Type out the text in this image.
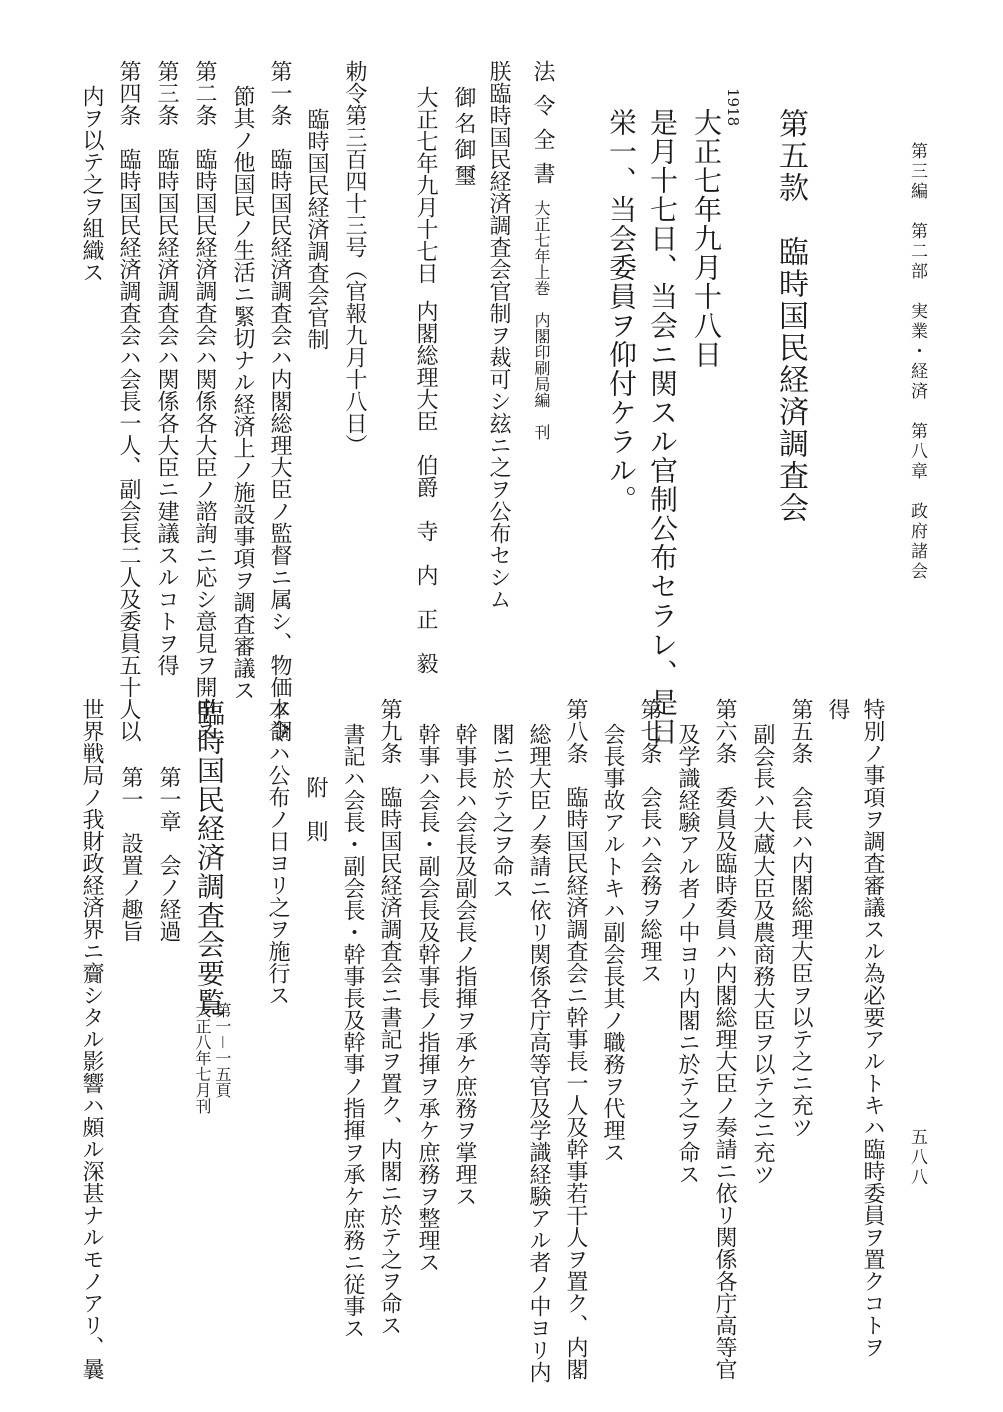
第三編　第二部　実業・経済　第八章　政府諸会
五八八
第五款　臨時国民経済調査会
1918
大正七年九月十八日
是月十七日、当会ニ関スル官制公布セラレ、是日
栄一、当会委員ヲ仰付ケラル。
法令全書
大正七年上巻　内閣印刷局編　刊
朕臨時国民経済調査会官制ヲ裁可シ玆ニ之ヲ公布セシム
御名御璽
大正七年九月十七日
内閣総理大臣　伯爵　寺　内　正　毅
勅令第三百四十三号（官報九月十八日）
臨時国民経済調査会官制
第一条　臨時国民経済調査会ハ内閣総理大臣ノ監督ニ属シ、物価ノ調
節其ノ他国民ノ生活ニ緊切ナル経済上ノ施設事項ヲ調査審議ス
第二条　臨時国民経済調査会ハ関係各大臣ノ諮詢ニ応シ意見ヲ開申ス
第三条　臨時国民経済調査会ハ関係各大臣ニ建議スルコトヲ得
第四条　臨時国民経済調査会ハ会長一人、副会長二人及委員五十人以
内ヲ以テ之ヲ組織ス
特別ノ事項ヲ調査審議スル為必要アルトキハ臨時委員ヲ置クコトヲ
得
第五条　会長ハ内閣総理大臣ヲ以テ之ニ充ツ
副会長ハ大蔵大臣及農商務大臣ヲ以テ之ニ充ツ
第六条　委員及臨時委員ハ内閣総理大臣ノ奏請ニ依リ関係各庁高等官
及学識経験アル者ノ中ヨリ内閣ニ於テ之ヲ命ス
第七条　会長ハ会務ヲ総理ス
会長事故アルトキハ副会長其ノ職務ヲ代理ス
第八条　臨時国民経済調査会ニ幹事長一人及幹事若干人ヲ置ク、内閣
総理大臣ノ奏請ニ依リ関係各庁高等官及学識経験アル者ノ中ヨリ内
閣ニ於テ之ヲ命ス
幹事長ハ会長及副会長ノ指揮ヲ承ケ庶務ヲ掌理ス
幹事ハ会長・副会長及幹事長ノ指揮ヲ承ケ庶務ヲ整理ス
第九条　臨時国民経済調査会ニ書記ヲ置ク、内閣ニ於テ之ヲ命ス
書記ハ会長・副会長・幹事長及幹事ノ指揮ヲ承ケ庶務ニ従事ス
附　則
本令ハ公布ノ日ヨリ之ヲ施行ス
臨時国民経済調査会要覧
第一－一五頁
大正八年七月刊
第一章　会ノ経過
第一　設置ノ趣旨
世界戦局ノ我財政経済界ニ齎シタル影響ハ頗ル深甚ナルモノアリ、曩
